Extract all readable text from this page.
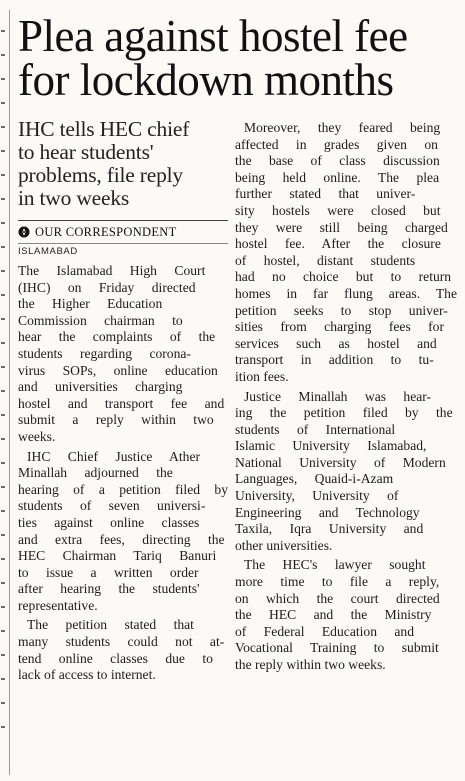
Plea against hostel fee
for lockdown months
IHC tells HEC chief
to hear students'
problems, file reply
in two weeks
OUR CORRESPONDENT
ISLAMABAD

The Islamabad High Court
(IHC) on Friday directed
the Higher Education
Commission chairman to
hear the complaints of the
students regarding corona-
virus SOPs, online education
and universities charging
hostel and transport fee and
submit a reply within two
weeks.

IHC Chief Justice Ather
Minallah adjourned the
hearing of a petition filed by
students of seven universi-
ties against online classes
and extra fees, directing the
HEC Chairman Tariq Banuri
to issue a written order
after hearing the students'
representative.

The petition stated that
many students could not at-
tend online classes due to
lack of access to internet.

Moreover, they feared being
affected in grades given on
the base of class discussion
being held online. The plea
further stated that univer-
sity hostels were closed but
they were still being charged
hostel fee. After the closure
of hostel, distant students
had no choice but to return
homes in far flung areas. The
petition seeks to stop univer-
sities from charging fees for
services such as hostel and
transport in addition to tu-
ition fees.

Justice Minallah was hear-
ing the petition filed by the
students of International
Islamic University Islamabad,
National University of Modern
Languages, Quaid-i-Azam
University, University of
Engineering and Technology
Taxila, Iqra University and
other universities.

The HEC's lawyer sought
more time to file a reply,
on which the court directed
the HEC and the Ministry
of Federal Education and
Vocational Training to submit
the reply within two weeks.
